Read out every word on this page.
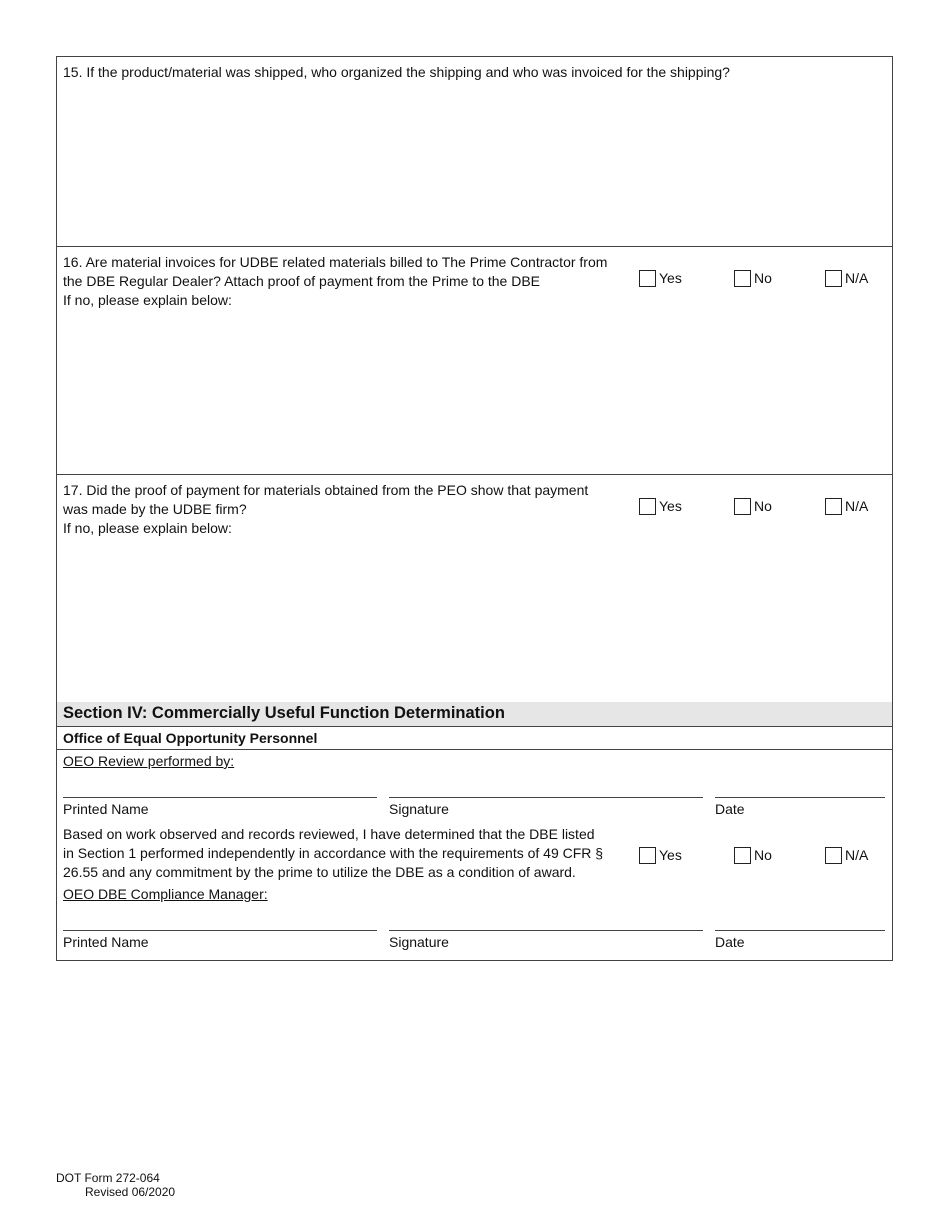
15. If the product/material was shipped, who organized the shipping and who was invoiced for the shipping?
16. Are material invoices for UDBE related materials billed to The Prime Contractor from
the DBE Regular Dealer? Attach proof of payment from the Prime to the DBE
If no, please explain below:
Yes	No	N/A
17. Did the proof of payment for materials obtained from the PEO show that payment
was made by the UDBE firm?
If no, please explain below:
Yes	No	N/A
Section IV: Commercially Useful Function Determination
Office of Equal Opportunity Personnel
OEO Review performed by:
Printed Name	Signature	Date
Based on work observed and records reviewed, I have determined that the DBE listed
in Section 1 performed independently in accordance with the requirements of 49 CFR §
26.55 and any commitment by the prime to utilize the DBE as a condition of award.
Yes	No	N/A
OEO DBE Compliance Manager:
Printed Name	Signature	Date
DOT Form 272-064
Revised 06/2020
